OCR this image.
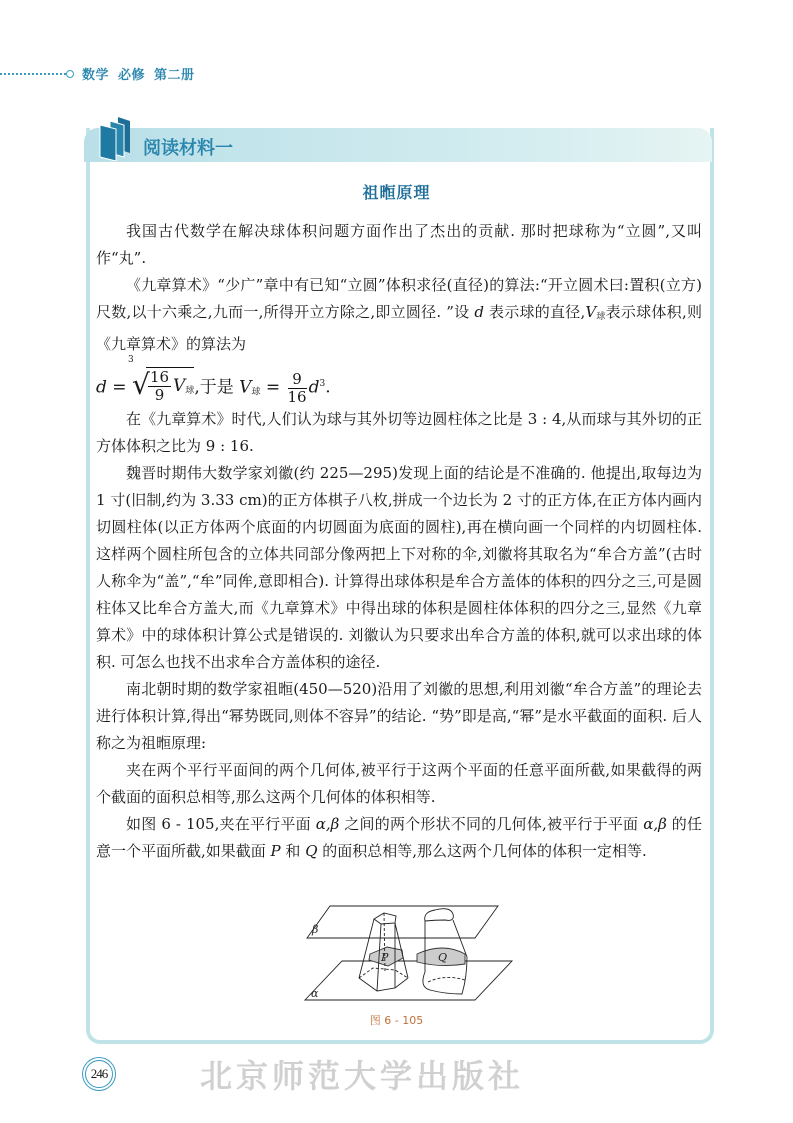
数学 必修 第二册
阅读材料一
祖暅原理

我国古代数学在解决球体积问题方面作出了杰出的贡献. 那时把球称为“立圆”,又叫作“丸”.

《九章算术》“少广”章中有已知“立圆”体积求径(直径)的算法:“开立圆术曰:置积(立方)尺数,以十六乘之,九而一,所得开立方除之,即立圆径. ”设 d 表示球的直径$,V_球$表示球体积,则《九章算术》的算法为

d =
3
√
$\frac{16}{9} V_球$,于是 $V_球 = \frac{9}{16} d^3$.

在《九章算术》时代,人们认为球与其外切等边圆柱体之比是 3 : 4,从而球与其外切的正方体体积之比为 9 : 16.

魏晋时期伟大数学家刘徽(约 225—295)发现上面的结论是不准确的. 他提出,取每边为 1 寸(旧制,约为 3.33 cm)的正方体棋子八枚,拼成一个边长为 2 寸的正方体,在正方体内画内切圆柱体(以正方体两个底面的内切圆面为底面的圆柱),再在横向画一个同样的内切圆柱体. 这样两个圆柱所包含的立体共同部分像两把上下对称的伞,刘徽将其取名为“牟合方盖”(古时人称伞为“盖”,“牟”同侔,意即相合). 计算得出球体积是牟合方盖体的体积的四分之三,可是圆柱体又比牟合方盖大,而《九章算术》中得出球的体积是圆柱体体积的四分之三,显然《九章算术》中的球体积计算公式是错误的. 刘徽认为只要求出牟合方盖的体积,就可以求出球的体积. 可怎么也找不出求牟合方盖体积的途径.

南北朝时期的数学家祖暅(450—520)沿用了刘徽的思想,利用刘徽“牟合方盖”的理论去进行体积计算,得出“幂势既同,则体不容异”的结论. “势”即是高,“幂”是水平截面的面积. 后人称之为祖暅原理:

夹在两个平行平面间的两个几何体,被平行于这两个平面的任意平面所截,如果截得的两个截面的面积总相等,那么这两个几何体的体积相等.

如图 6 - 105,夹在平行平面 α,β 之间的两个形状不同的几何体,被平行于平面 α,β 的任意一个平面所截,如果截面 P 和 Q 的面积总相等,那么这两个几何体的体积一定相等.

β
α
P	Q
图 6 - 105
246	北京师范大学出版社
